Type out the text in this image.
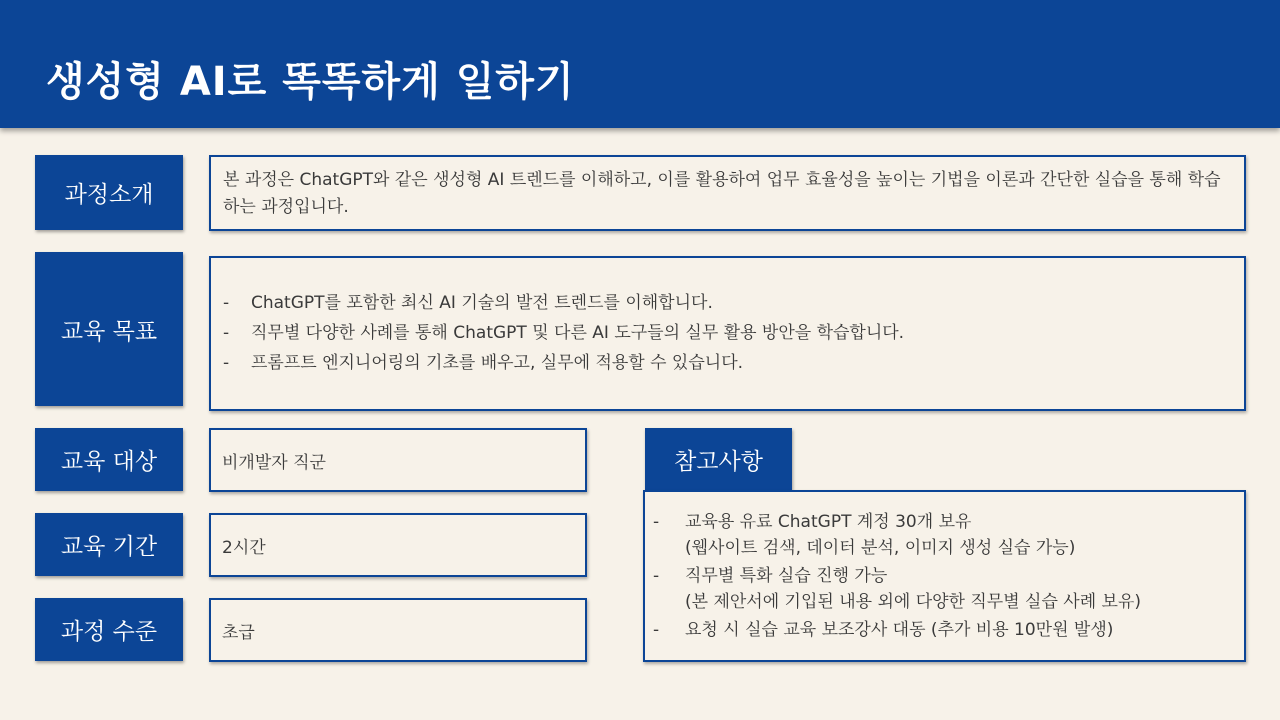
생성형 AI로 똑똑하게 일하기
과정소개
본 과정은 ChatGPT와 같은 생성형 AI 트렌드를 이해하고, 이를 활용하여 업무 효율성을 높이는 기법을 이론과 간단한 실습을 통해 학습하는 과정입니다.
교육 목표
- ChatGPT를 포함한 최신 AI 기술의 발전 트렌드를 이해합니다.
- 직무별 다양한 사례를 통해 ChatGPT 및 다른 AI 도구들의 실무 활용 방안을 학습합니다.
- 프롬프트 엔지니어링의 기초를 배우고, 실무에 적용할 수 있습니다.
교육 대상	비개발자 직군
교육 기간	2시간
과정 수준	초급
참고사항
- 교육용 유료 ChatGPT 계정 30개 보유
(웹사이트 검색, 데이터 분석, 이미지 생성 실습 가능)
- 직무별 특화 실습 진행 가능
(본 제안서에 기입된 내용 외에 다양한 직무별 실습 사례 보유)
- 요청 시 실습 교육 보조강사 대동 (추가 비용 10만원 발생)
